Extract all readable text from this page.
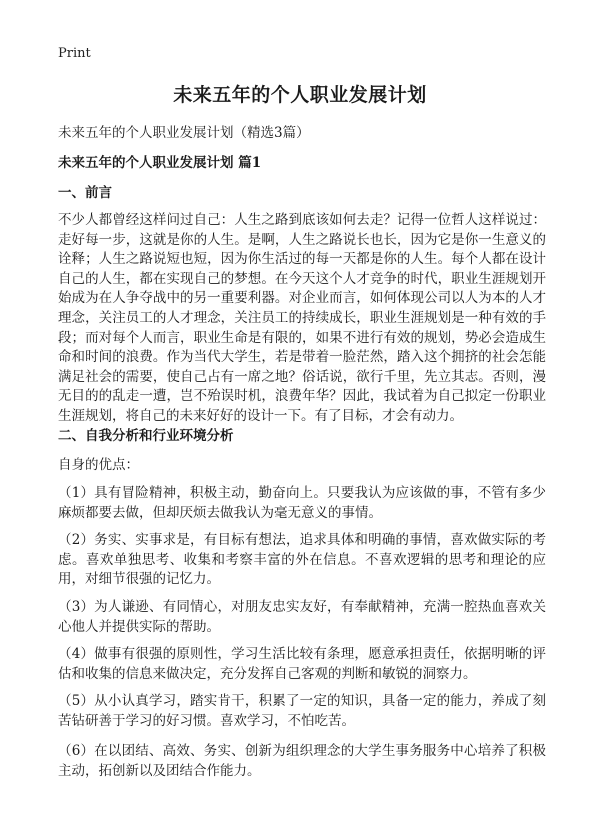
Print
未来五年的个人职业发展计划
未来五年的个人职业发展计划（精选3篇）
未来五年的个人职业发展计划 篇1
一、前言

不少人都曾经这样问过自己：人生之路到底该如何去走？记得一位哲人这样说过：走好每一步，这就是你的人生。是啊，人生之路说长也长，因为它是你一生意义的诠释；人生之路说短也短，因为你生活过的每一天都是你的人生。每个人都在设计自己的人生，都在实现自己的梦想。在今天这个人才竞争的时代，职业生涯规划开始成为在人争夺战中的另一重要利器。对企业而言，如何体现公司以人为本的人才理念，关注员工的人才理念，关注员工的持续成长，职业生涯规划是一种有效的手段；而对每个人而言，职业生命是有限的，如果不进行有效的规划，势必会造成生命和时间的浪费。作为当代大学生，若是带着一脸茫然，踏入这个拥挤的社会怎能满足社会的需要，使自己占有一席之地？俗话说，欲行千里，先立其志。否则，漫无目的的乱走一遭，岂不殆误时机，浪费年华？因此，我试着为自己拟定一份职业生涯规划，将自己的未来好好的设计一下。有了目标，才会有动力。

二、自我分析和行业环境分析
自身的优点：

（1）具有冒险精神，积极主动，勤奋向上。只要我认为应该做的事，不管有多少麻烦都要去做，但却厌烦去做我认为毫无意义的事情。

（2）务实、实事求是，有目标有想法，追求具体和明确的事情，喜欢做实际的考虑。喜欢单独思考、收集和考察丰富的外在信息。不喜欢逻辑的思考和理论的应用，对细节很强的记忆力。

（3）为人谦逊、有同情心，对朋友忠实友好，有奉献精神，充满一腔热血喜欢关心他人并提供实际的帮助。

（4）做事有很强的原则性，学习生活比较有条理，愿意承担责任，依据明晰的评估和收集的信息来做决定，充分发挥自己客观的判断和敏锐的洞察力。

（5）从小认真学习，踏实肯干，积累了一定的知识，具备一定的能力，养成了刻苦钻研善于学习的好习惯。喜欢学习，不怕吃苦。

（6）在以团结、高效、务实、创新为组织理念的大学生事务服务中心培养了积极主动，拓创新以及团结合作能力。
